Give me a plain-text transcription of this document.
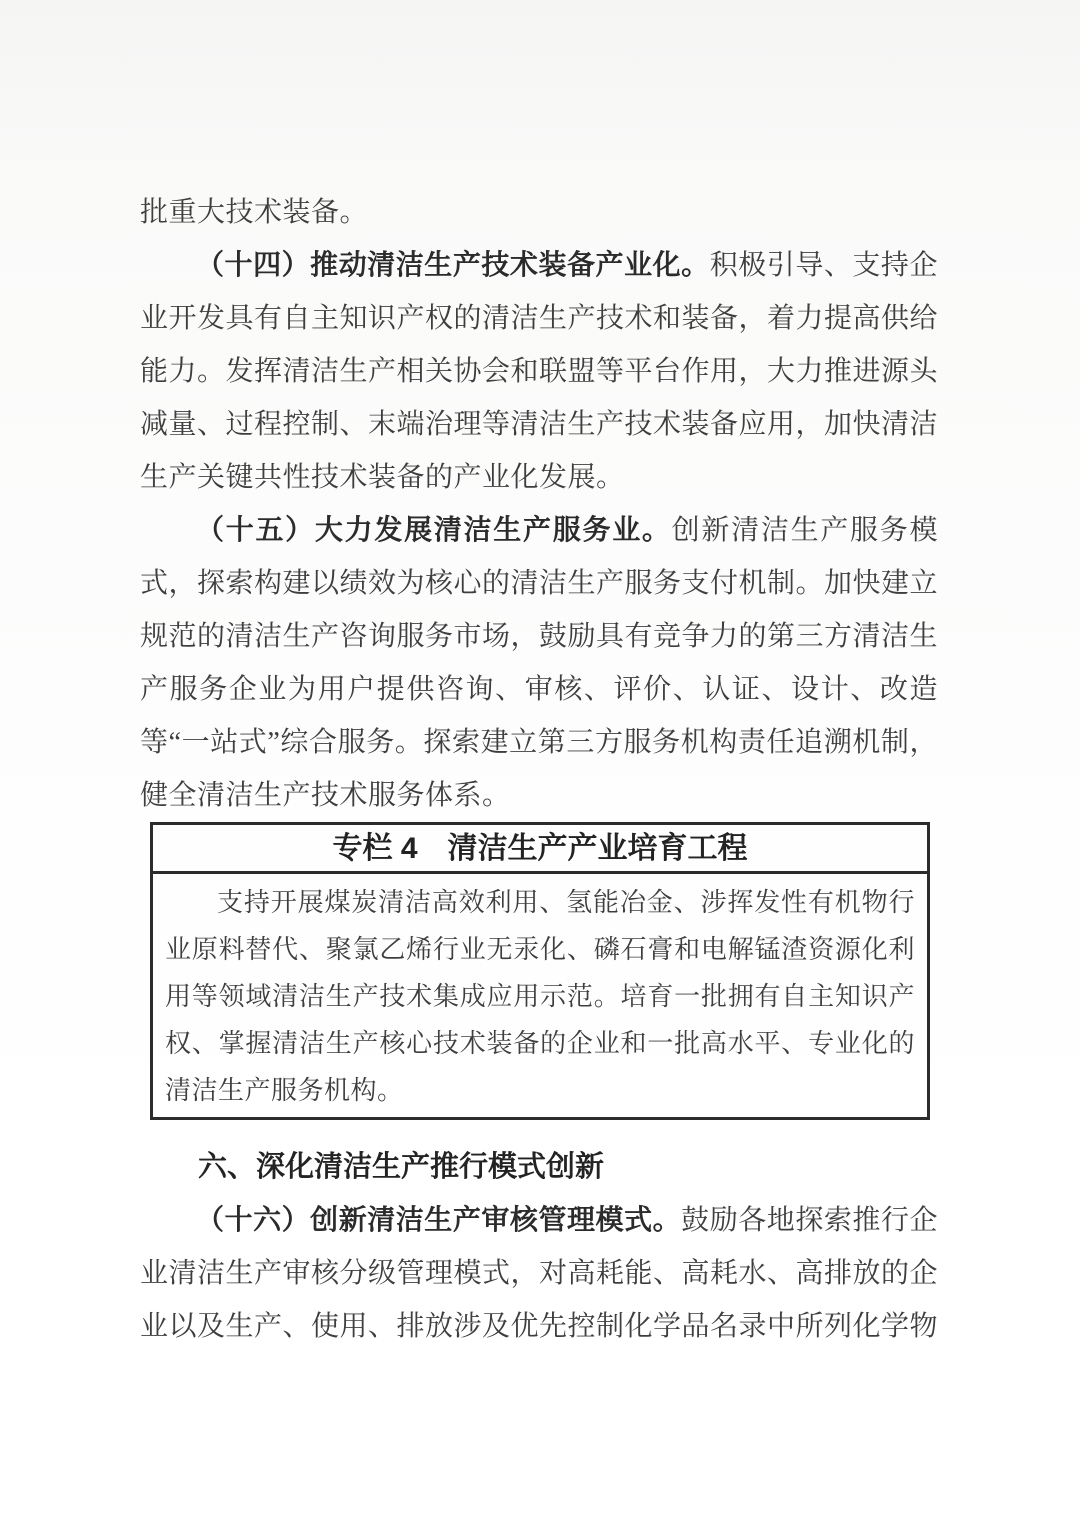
批重大技术装备。

（十四）推动清洁生产技术装备产业化。积极引导、支持企业开发具有自主知识产权的清洁生产技术和装备，着力提高供给能力。发挥清洁生产相关协会和联盟等平台作用，大力推进源头减量、过程控制、末端治理等清洁生产技术装备应用，加快清洁生产关键共性技术装备的产业化发展。

（十五）大力发展清洁生产服务业。创新清洁生产服务模式，探索构建以绩效为核心的清洁生产服务支付机制。加快建立规范的清洁生产咨询服务市场，鼓励具有竞争力的第三方清洁生产服务企业为用户提供咨询、审核、评价、认证、设计、改造等“一站式”综合服务。探索建立第三方服务机构责任追溯机制，健全清洁生产技术服务体系。

专栏 4　清洁生产产业培育工程

支持开展煤炭清洁高效利用、氢能冶金、涉挥发性有机物行业原料替代、聚氯乙烯行业无汞化、磷石膏和电解锰渣资源化利用等领域清洁生产技术集成应用示范。培育一批拥有自主知识产权、掌握清洁生产核心技术装备的企业和一批高水平、专业化的清洁生产服务机构。

六、深化清洁生产推行模式创新

（十六）创新清洁生产审核管理模式。鼓励各地探索推行企业清洁生产审核分级管理模式，对高耗能、高耗水、高排放的企业以及生产、使用、排放涉及优先控制化学品名录中所列化学物
